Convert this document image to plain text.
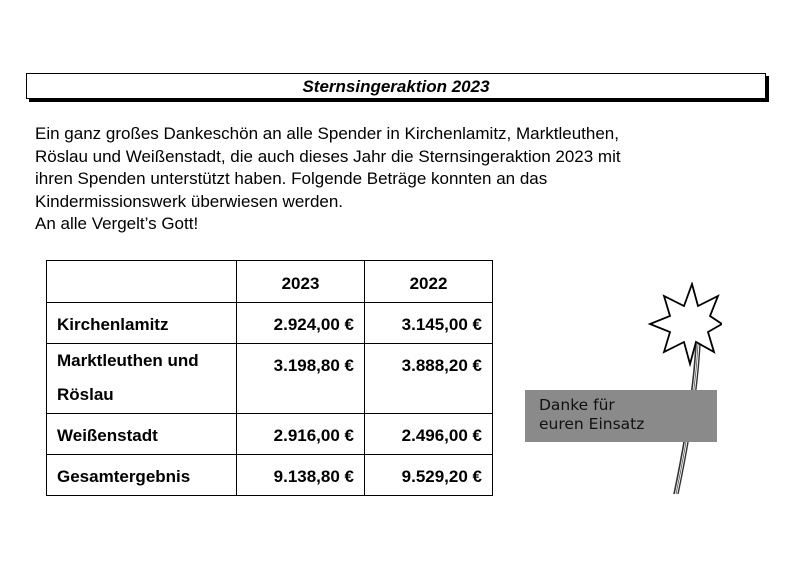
Sternsingeraktion 2023

Ein ganz großes Dankeschön an alle Spender in Kirchenlamitz, Marktleuthen,
Röslau und Weißenstadt, die auch dieses Jahr die Sternsingeraktion 2023 mit
ihren Spenden unterstützt haben. Folgende Beträge konnten an das
Kindermissionswerk überwiesen werden.
An alle Vergelt’s Gott!

	2023	2022
Kirchenlamitz	2.924,00 €	3.145,00 €

Marktleuthen und
Röslau	3.198,80 €	3.888,20 €
Weißenstadt	2.916,00 €	2.496,00 €
Gesamtergebnis	9.138,80 €	9.529,20 €
Danke für
euren Einsatz
